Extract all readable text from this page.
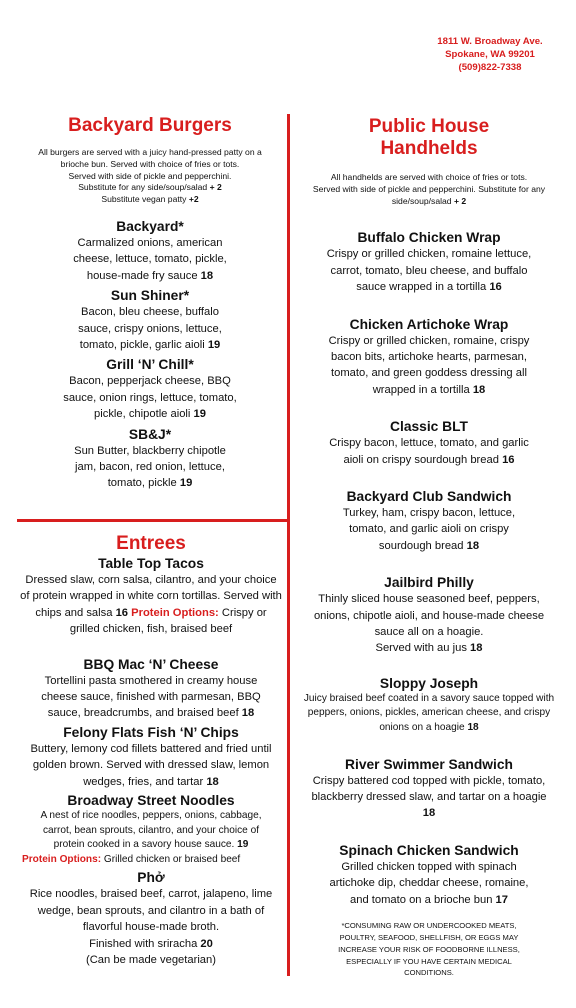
1811 W. Broadway Ave.
Spokane, WA 99201
(509)822-7338
Backyard Burgers

All burgers are served with a juicy hand-pressed patty on a brioche bun. Served with choice of fries or tots.
Served with side of pickle and pepperchini.
Substitute for any side/soup/salad + 2
Substitute vegan patty +2

Backyard*

Carmalized onions, american cheese, lettuce, tomato, pickle, house-made fry sauce 18

Sun Shiner*

Bacon, bleu cheese, buffalo sauce, crispy onions, lettuce, tomato, pickle, garlic aioli 19

Grill ‘N’ Chill*

Bacon, pepperjack cheese, BBQ sauce, onion rings, lettuce, tomato, pickle, chipotle aioli 19

SB&J*

Sun Butter, blackberry chipotle jam, bacon, red onion, lettuce, tomato, pickle 19

Entrees
Table Top Tacos

Dressed slaw, corn salsa, cilantro, and your choice of protein wrapped in white corn tortillas. Served with chips and salsa 16 Protein Options: Crispy or grilled chicken, fish, braised beef

BBQ Mac ‘N’ Cheese

Tortellini pasta smothered in creamy house cheese sauce, finished with parmesan, BBQ sauce, breadcrumbs, and braised beef 18

Felony Flats Fish ‘N’ Chips

Buttery, lemony cod fillets battered and fried until golden brown. Served with dressed slaw, lemon wedges, fries, and tartar 18

Broadway Street Noodles

A nest of rice noodles, peppers, onions, cabbage, carrot, bean sprouts, cilantro, and your choice of protein cooked in a savory house sauce. 19

Protein Options: Grilled chicken or braised beef

Phở

Rice noodles, braised beef, carrot, jalapeno, lime wedge, bean sprouts, and cilantro in a bath of flavorful house-made broth.

Finished with sriracha 20

(Can be made vegetarian)

Public House Handhelds

All handhelds are served with choice of fries or tots.
Served with side of pickle and pepperchini. Substitute for any side/soup/salad + 2

Buffalo Chicken Wrap

Crispy or grilled chicken, romaine lettuce, carrot, tomato, bleu cheese, and buffalo sauce wrapped in a tortilla 16

Chicken Artichoke Wrap

Crispy or grilled chicken, romaine, crispy bacon bits, artichoke hearts, parmesan, tomato, and green goddess dressing all wrapped in a tortilla 18

Classic BLT

Crispy bacon, lettuce, tomato, and garlic aioli on crispy sourdough bread 16

Backyard Club Sandwich

Turkey, ham, crispy bacon, lettuce, tomato, and garlic aioli on crispy sourdough bread 18

Jailbird Philly

Thinly sliced house seasoned beef, peppers, onions, chipotle aioli, and house-made cheese sauce all on a hoagie.

Served with au jus 18

Sloppy Joseph

Juicy braised beef coated in a savory sauce topped with peppers, onions, pickles, american cheese, and crispy onions on a hoagie 18

River Swimmer Sandwich

Crispy battered cod topped with pickle, tomato, blackberry dressed slaw, and tartar on a hoagie 18

Spinach Chicken Sandwich

Grilled chicken topped with spinach artichoke dip, cheddar cheese, romaine, and tomato on a brioche bun 17

*CONSUMING RAW OR UNDERCOOKED MEATS, POULTRY, SEAFOOD, SHELLFISH, OR EGGS MAY INCREASE YOUR RISK OF FOODBORNE ILLNESS, ESPECIALLY IF YOU HAVE CERTAIN MEDICAL CONDITIONS.
